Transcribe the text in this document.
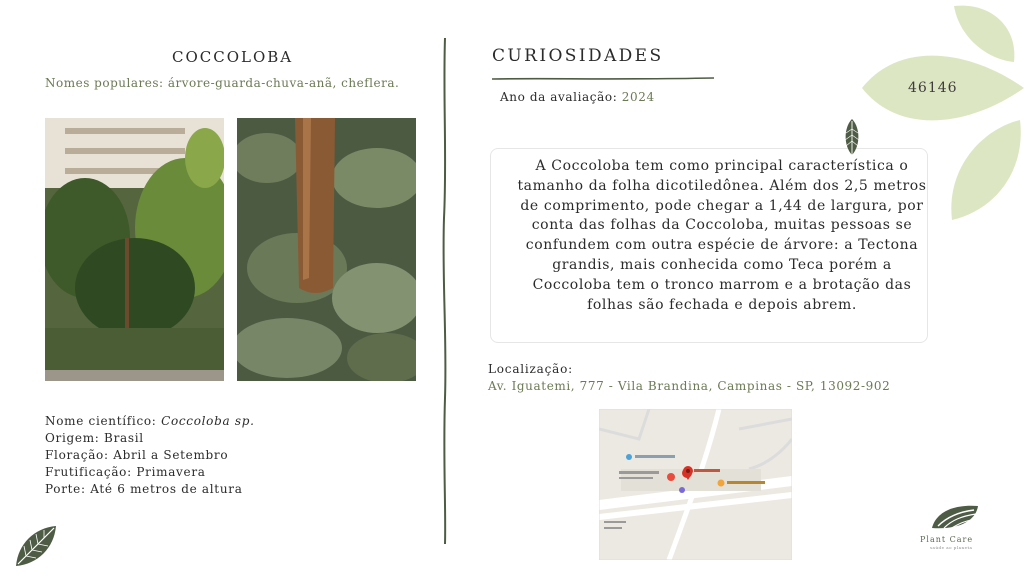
COCCOLOBA
Nomes populares: árvore-guarda-chuva-anã, cheflera.
Nome científico: Coccoloba sp.
Origem: Brasil
Floração: Abril a Setembro
Frutificação: Primavera
Porte: Até 6 metros de altura
CURIOSIDADES
Ano da avaliação: 2024
A Coccoloba tem como principal característica o tamanho da folha dicotiledônea. Além dos 2,5 metros de comprimento, pode chegar a 1,44 de largura, por conta das folhas da Coccoloba, muitas pessoas se confundem com outra espécie de árvore: a Tectona grandis, mais conhecida como Teca porém a Coccoloba tem o tronco marrom e a brotação das folhas são fechada e depois abrem.
Localização:
Av. Iguatemi, 777 - Vila Brandina, Campinas - SP, 13092-902
46146
Plant Care
saúde ao planeta
